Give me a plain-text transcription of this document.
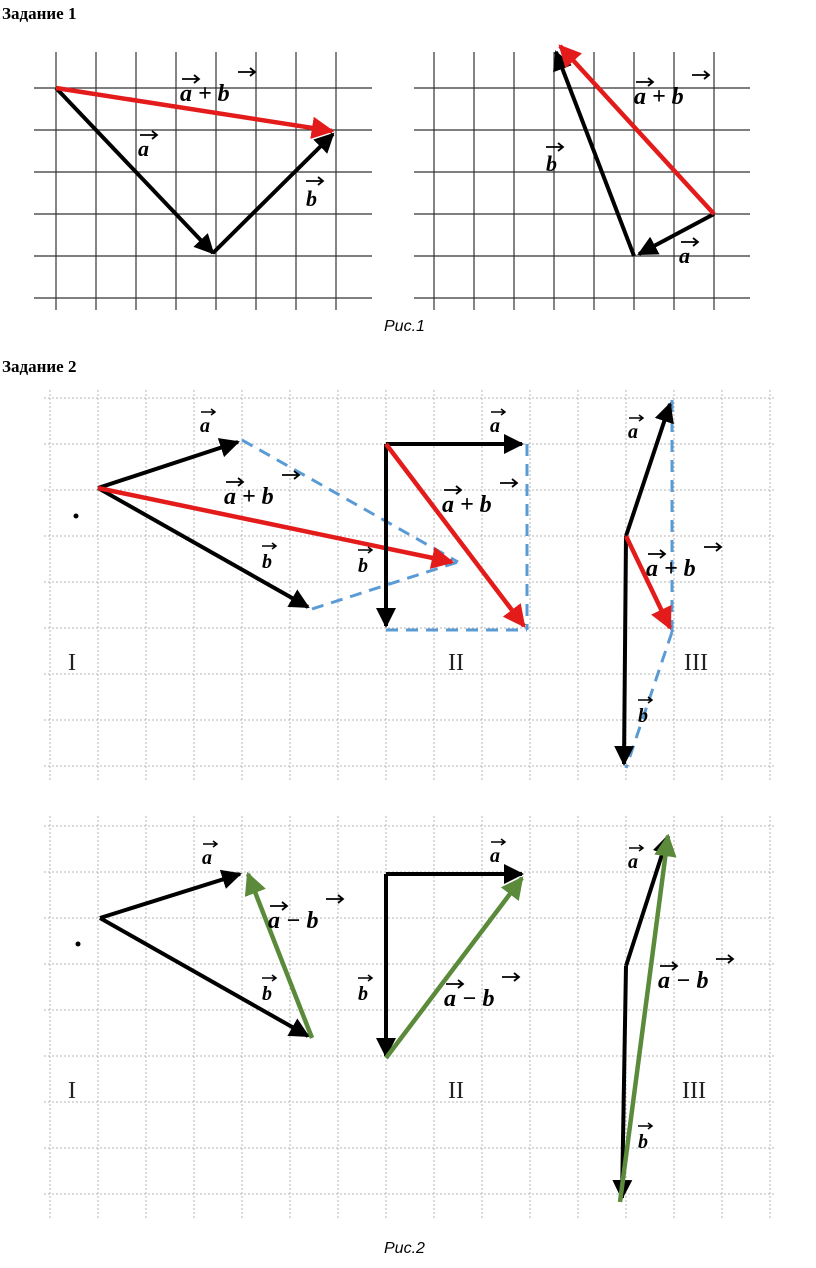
Задание 1
Задание 2
Рис.1
Рис.2
a
b
a + b
a
b
a + b
a
b
a + b
I
a
b
a + b
II
a
a + b
III
b
a
a − b
b
I
a
b	a − b
II
a
a − b
III
b
